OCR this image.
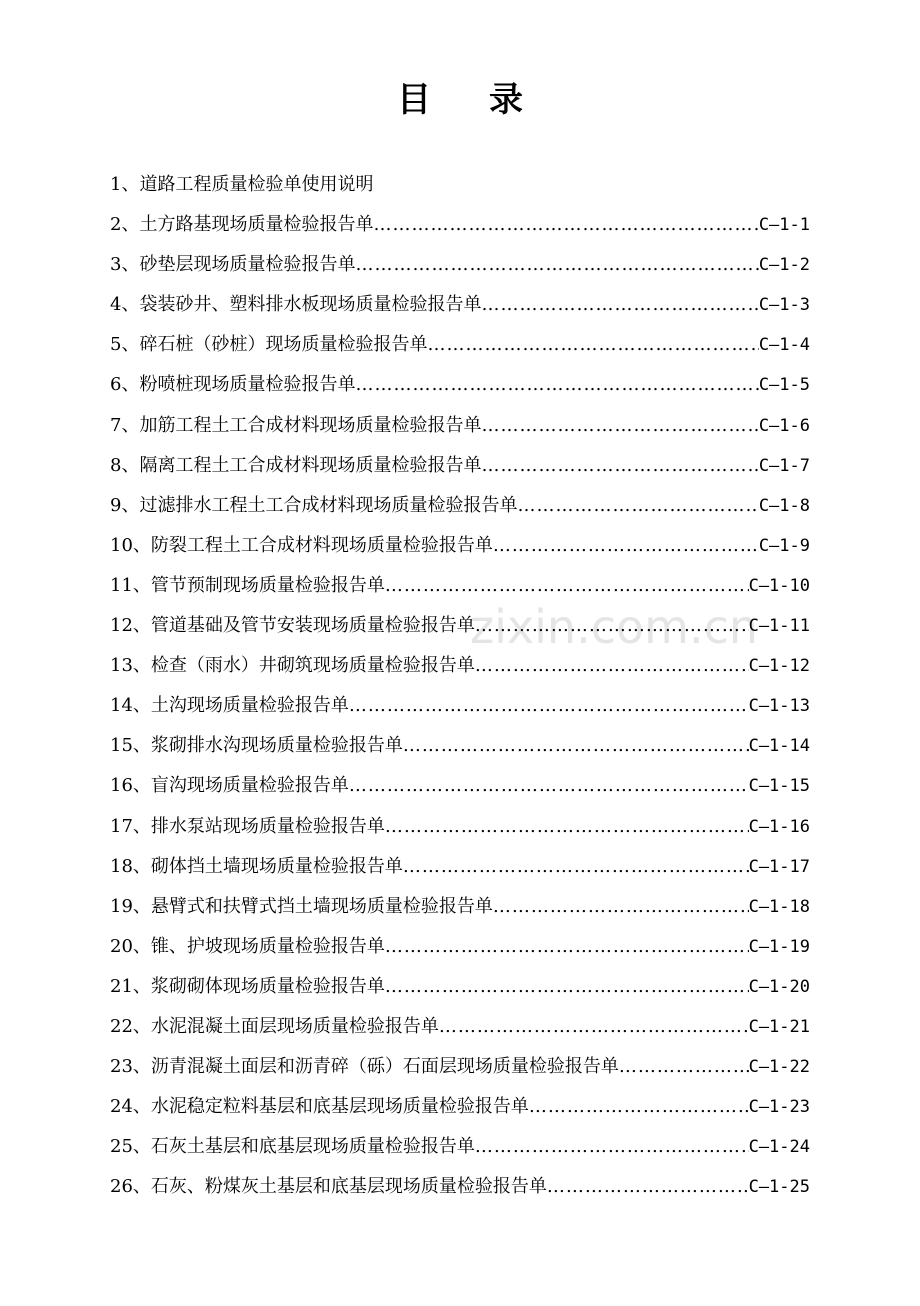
目 录
zixin.com.cn
1、道路工程质量检验单使用说明
2、土方路基现场质量检验报告单 …………………………………………………………………………………………………………………………………	C—1-1
3、砂垫层现场质量检验报告单 …………………………………………………………………………………………………………………………………	C—1-2
4、袋装砂井、塑料排水板现场质量检验报告单 …………………………………………………………………………………………………………………………………	C—1-3
5、碎石桩（砂桩）现场质量检验报告单 …………………………………………………………………………………………………………………………………	C—1-4
6、粉喷桩现场质量检验报告单 …………………………………………………………………………………………………………………………………	C—1-5
7、加筋工程土工合成材料现场质量检验报告单 …………………………………………………………………………………………………………………………………	C—1-6
8、隔离工程土工合成材料现场质量检验报告单 …………………………………………………………………………………………………………………………………	C—1-7
9、过滤排水工程土工合成材料现场质量检验报告单 …………………………………………………………………………………………………………………………………	C—1-8
10、防裂工程土工合成材料现场质量检验报告单 …………………………………………………………………………………………………………………………………	C—1-9
11、管节预制现场质量检验报告单 …………………………………………………………………………………………………………………………………	C—1-10
12、管道基础及管节安装现场质量检验报告单 …………………………………………………………………………………………………………………………………	C—1-11
13、检查（雨水）井砌筑现场质量检验报告单 …………………………………………………………………………………………………………………………………	C—1-12
14、土沟现场质量检验报告单 …………………………………………………………………………………………………………………………………	C—1-13
15、浆砌排水沟现场质量检验报告单 …………………………………………………………………………………………………………………………………	C—1-14
16、盲沟现场质量检验报告单 …………………………………………………………………………………………………………………………………	C—1-15
17、排水泵站现场质量检验报告单 …………………………………………………………………………………………………………………………………	C—1-16
18、砌体挡土墙现场质量检验报告单 …………………………………………………………………………………………………………………………………	C—1-17
19、悬臂式和扶臂式挡土墙现场质量检验报告单 …………………………………………………………………………………………………………………………………	C—1-18
20、锥、护坡现场质量检验报告单 …………………………………………………………………………………………………………………………………	C—1-19
21、浆砌砌体现场质量检验报告单 …………………………………………………………………………………………………………………………………	C—1-20
22、水泥混凝土面层现场质量检验报告单 …………………………………………………………………………………………………………………………………	C—1-21
23、沥青混凝土面层和沥青碎（砾）石面层现场质量检验报告单 …………………………………………………………………………………………………………………………………	C—1-22
24、水泥稳定粒料基层和底基层现场质量检验报告单 …………………………………………………………………………………………………………………………………	C—1-23
25、石灰土基层和底基层现场质量检验报告单 …………………………………………………………………………………………………………………………………	C—1-24
26、石灰、粉煤灰土基层和底基层现场质量检验报告单 …………………………………………………………………………………………………………………………………	C—1-25
